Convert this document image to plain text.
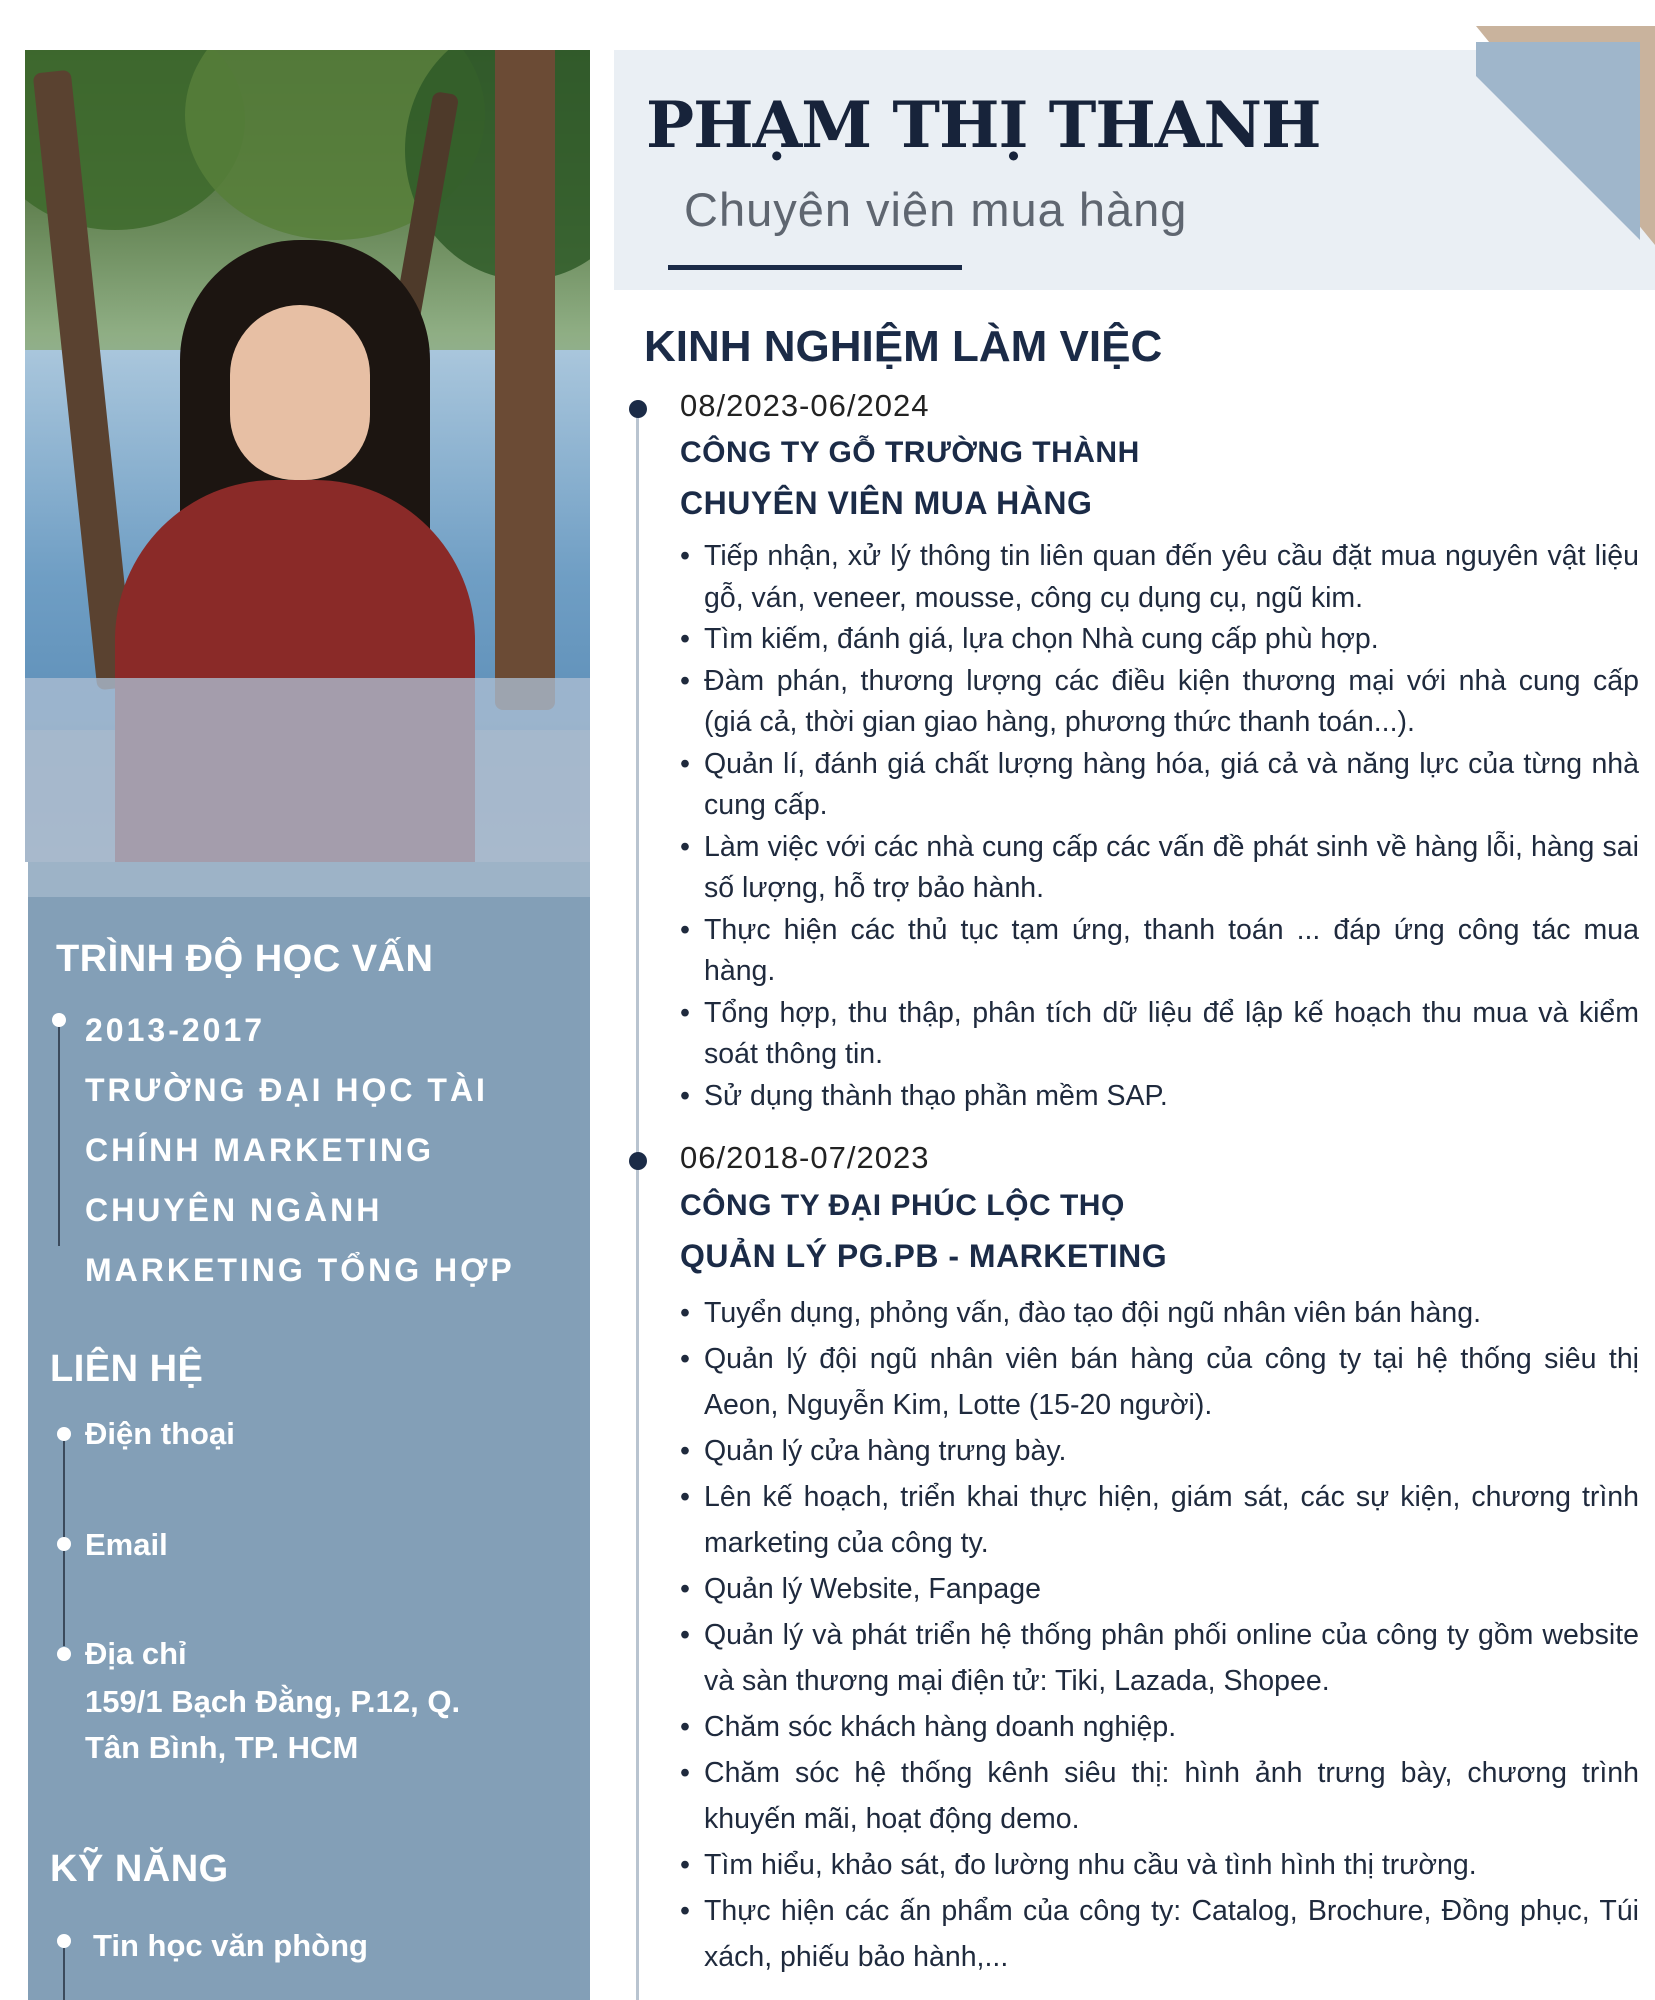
TRÌNH ĐỘ HỌC VẤN
2013-2017
TRƯỜNG ĐẠI HỌC TÀI
CHÍNH MARKETING
CHUYÊN NGÀNH
MARKETING TỔNG HỢP
LIÊN HỆ
Điện thoại
Email
Địa chỉ
159/1 Bạch Đằng, P.12, Q.
Tân Bình, TP. HCM
KỸ NĂNG
Tin học văn phòng
PHẠM THỊ THANH
Chuyên viên mua hàng
KINH NGHIỆM LÀM VIỆC
08/2023-06/2024
CÔNG TY GỖ TRƯỜNG THÀNH
CHUYÊN VIÊN MUA HÀNG
• Tiếp nhận, xử lý thông tin liên quan đến yêu cầu đặt mua nguyên vật liệu gỗ, ván, veneer, mousse, công cụ dụng cụ, ngũ kim.
• Tìm kiếm, đánh giá, lựa chọn Nhà cung cấp phù hợp.
• Đàm phán, thương lượng các điều kiện thương mại với nhà cung cấp (giá cả, thời gian giao hàng, phương thức thanh toán...).
• Quản lí, đánh giá chất lượng hàng hóa, giá cả và năng lực của từng nhà cung cấp.
• Làm việc với các nhà cung cấp các vấn đề phát sinh về hàng lỗi, hàng sai số lượng, hỗ trợ bảo hành.
• Thực hiện các thủ tục tạm ứng, thanh toán ... đáp ứng công tác mua hàng.
• Tổng hợp, thu thập, phân tích dữ liệu để lập kế hoạch thu mua và kiểm soát thông tin.
• Sử dụng thành thạo phần mềm SAP.
06/2018-07/2023
CÔNG TY ĐẠI PHÚC LỘC THỌ
QUẢN LÝ PG.PB - MARKETING
• Tuyển dụng, phỏng vấn, đào tạo đội ngũ nhân viên bán hàng.
• Quản lý đội ngũ nhân viên bán hàng của công ty tại hệ thống siêu thị Aeon, Nguyễn Kim, Lotte (15-20 người).
• Quản lý cửa hàng trưng bày.
• Lên kế hoạch, triển khai thực hiện, giám sát, các sự kiện, chương trình marketing của công ty.
• Quản lý Website, Fanpage
• Quản lý và phát triển hệ thống phân phối online của công ty gồm website và sàn thương mại điện tử: Tiki, Lazada, Shopee.
• Chăm sóc khách hàng doanh nghiệp.
• Chăm sóc hệ thống kênh siêu thị: hình ảnh trưng bày, chương trình khuyến mãi, hoạt động demo.
• Tìm hiểu, khảo sát, đo lường nhu cầu và tình hình thị trường.
• Thực hiện các ấn phẩm của công ty: Catalog, Brochure, Đồng phục, Túi xách, phiếu bảo hành,...
